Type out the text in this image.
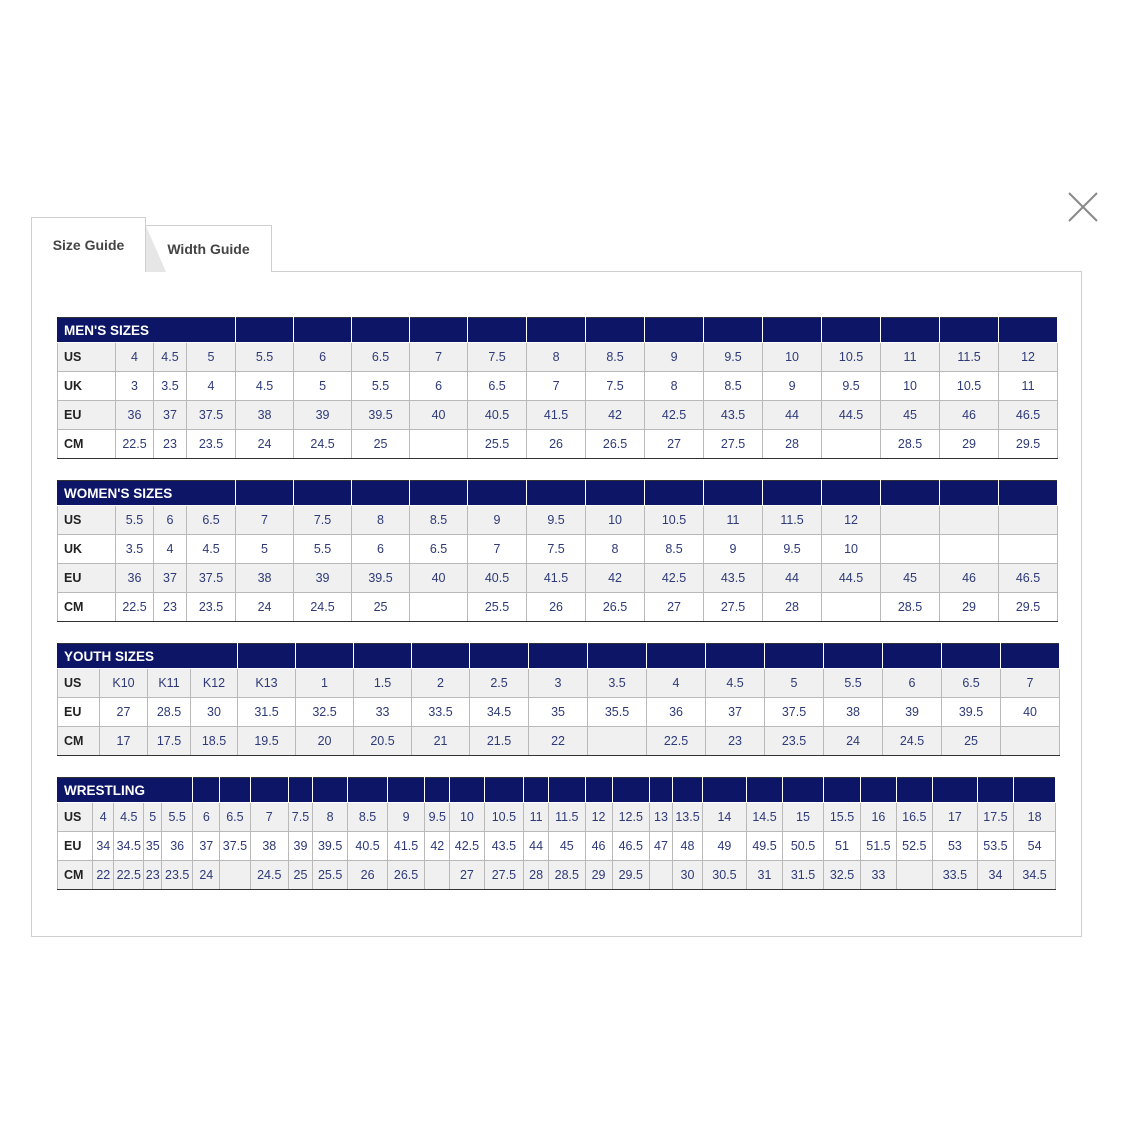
Size Guide	Width Guide
MEN'S SIZES																	
US	4	4.5	5	5.5	6	6.5	7	7.5	8	8.5	9	9.5	10	10.5	11	11.5	12
UK	3	3.5	4	4.5	5	5.5	6	6.5	7	7.5	8	8.5	9	9.5	10	10.5	11
EU	36	37	37.5	38	39	39.5	40	40.5	41.5	42	42.5	43.5	44	44.5	45	46	46.5
CM	22.5	23	23.5	24	24.5	25		25.5	26	26.5	27	27.5	28		28.5	29	29.5
WOMEN'S SIZES																	
US	5.5	6	6.5	7	7.5	8	8.5	9	9.5	10	10.5	11	11.5	12			
UK	3.5	4	4.5	5	5.5	6	6.5	7	7.5	8	8.5	9	9.5	10			
EU	36	37	37.5	38	39	39.5	40	40.5	41.5	42	42.5	43.5	44	44.5	45	46	46.5
CM	22.5	23	23.5	24	24.5	25		25.5	26	26.5	27	27.5	28		28.5	29	29.5
YOUTH SIZES																	
US	K10	K11	K12	K13	1	1.5	2	2.5	3	3.5	4	4.5	5	5.5	6	6.5	7
EU	27	28.5	30	31.5	32.5	33	33.5	34.5	35	35.5	36	37	37.5	38	39	39.5	40
CM	17	17.5	18.5	19.5	20	20.5	21	21.5	22		22.5	23	23.5	24	24.5	25	
WRESTLING																													
US	4	4.5	5	5.5	6	6.5	7	7.5	8	8.5	9	9.5	10	10.5	11	11.5	12	12.5	13	13.5	14	14.5	15	15.5	16	16.5	17	17.5	18
EU	34	34.5	35	36	37	37.5	38	39	39.5	40.5	41.5	42	42.5	43.5	44	45	46	46.5	47	48	49	49.5	50.5	51	51.5	52.5	53	53.5	54
CM	22	22.5	23	23.5	24		24.5	25	25.5	26	26.5		27	27.5	28	28.5	29	29.5		30	30.5	31	31.5	32.5	33		33.5	34	34.5
